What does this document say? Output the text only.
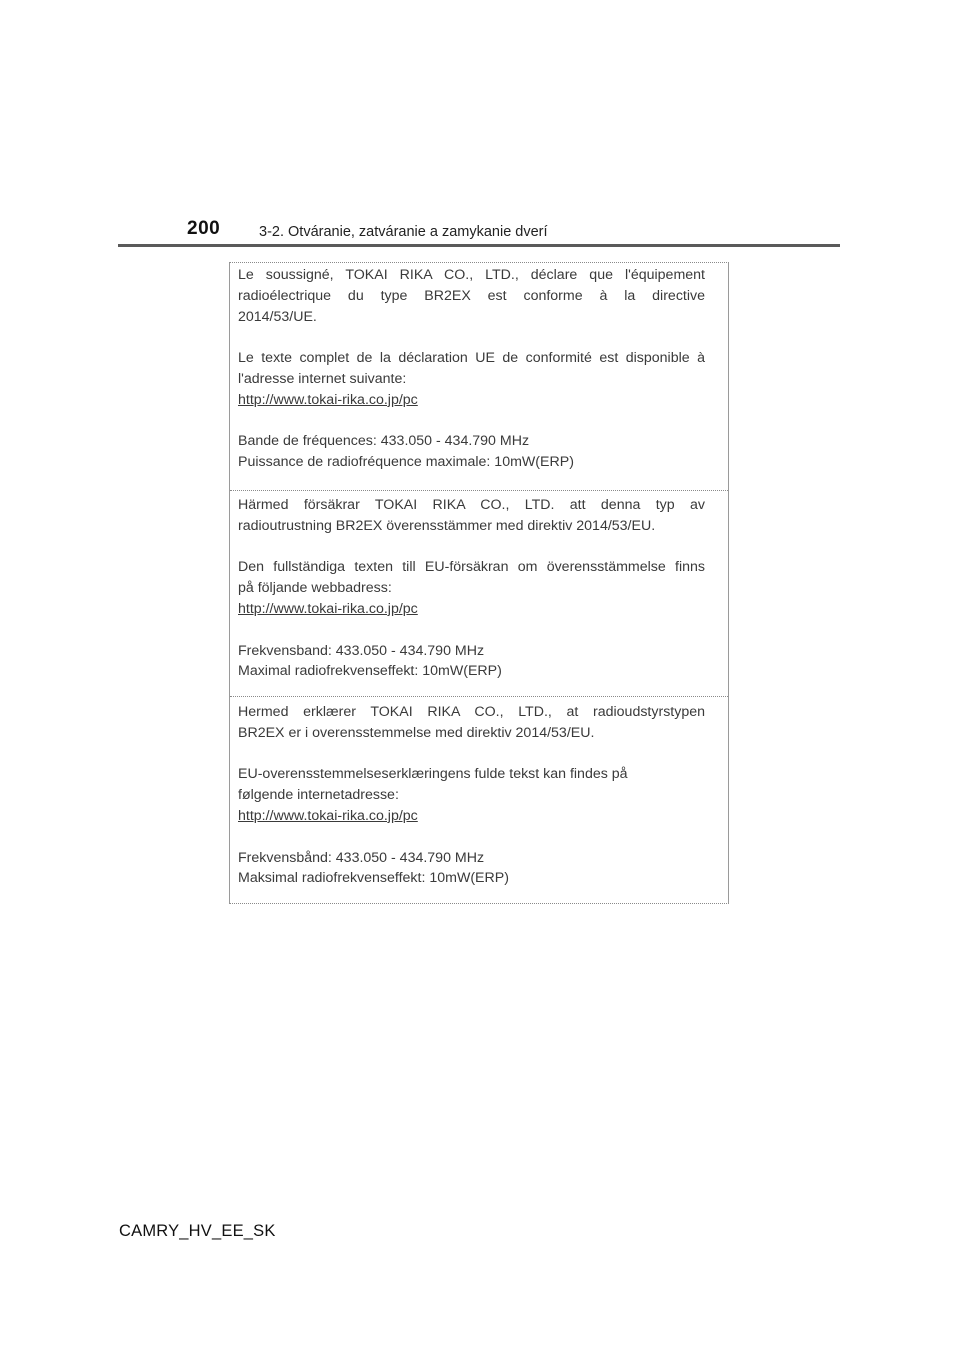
200	3-2. Otváranie, zatváranie a zamykanie dverí

Le soussigné, TOKAI RIKA CO., LTD., déclare que l'équipement

radioélectrique du type BR2EX est conforme à la directive

2014/53/UE.

Le texte complet de la déclaration UE de conformité est disponible à

l'adresse internet suivante:

http://www.tokai-rika.co.jp/pc

Bande de fréquences: 433.050 - 434.790 MHz

Puissance de radiofréquence maximale: 10mW(ERP)

Härmed försäkrar TOKAI RIKA CO., LTD. att denna typ av

radioutrustning BR2EX överensstämmer med direktiv 2014/53/EU.

Den fullständiga texten till EU-försäkran om överensstämmelse finns

på följande webbadress:

http://www.tokai-rika.co.jp/pc

Frekvensband: 433.050 - 434.790 MHz

Maximal radiofrekvenseffekt: 10mW(ERP)

Hermed erklærer TOKAI RIKA CO., LTD., at radioudstyrstypen

BR2EX er i overensstemmelse med direktiv 2014/53/EU.

EU-overensstemmelseserklæringens fulde tekst kan findes på

følgende internetadresse:

http://www.tokai-rika.co.jp/pc

Frekvensbånd: 433.050 - 434.790 MHz

Maksimal radiofrekvenseffekt: 10mW(ERP)

CAMRY_HV_EE_SK
